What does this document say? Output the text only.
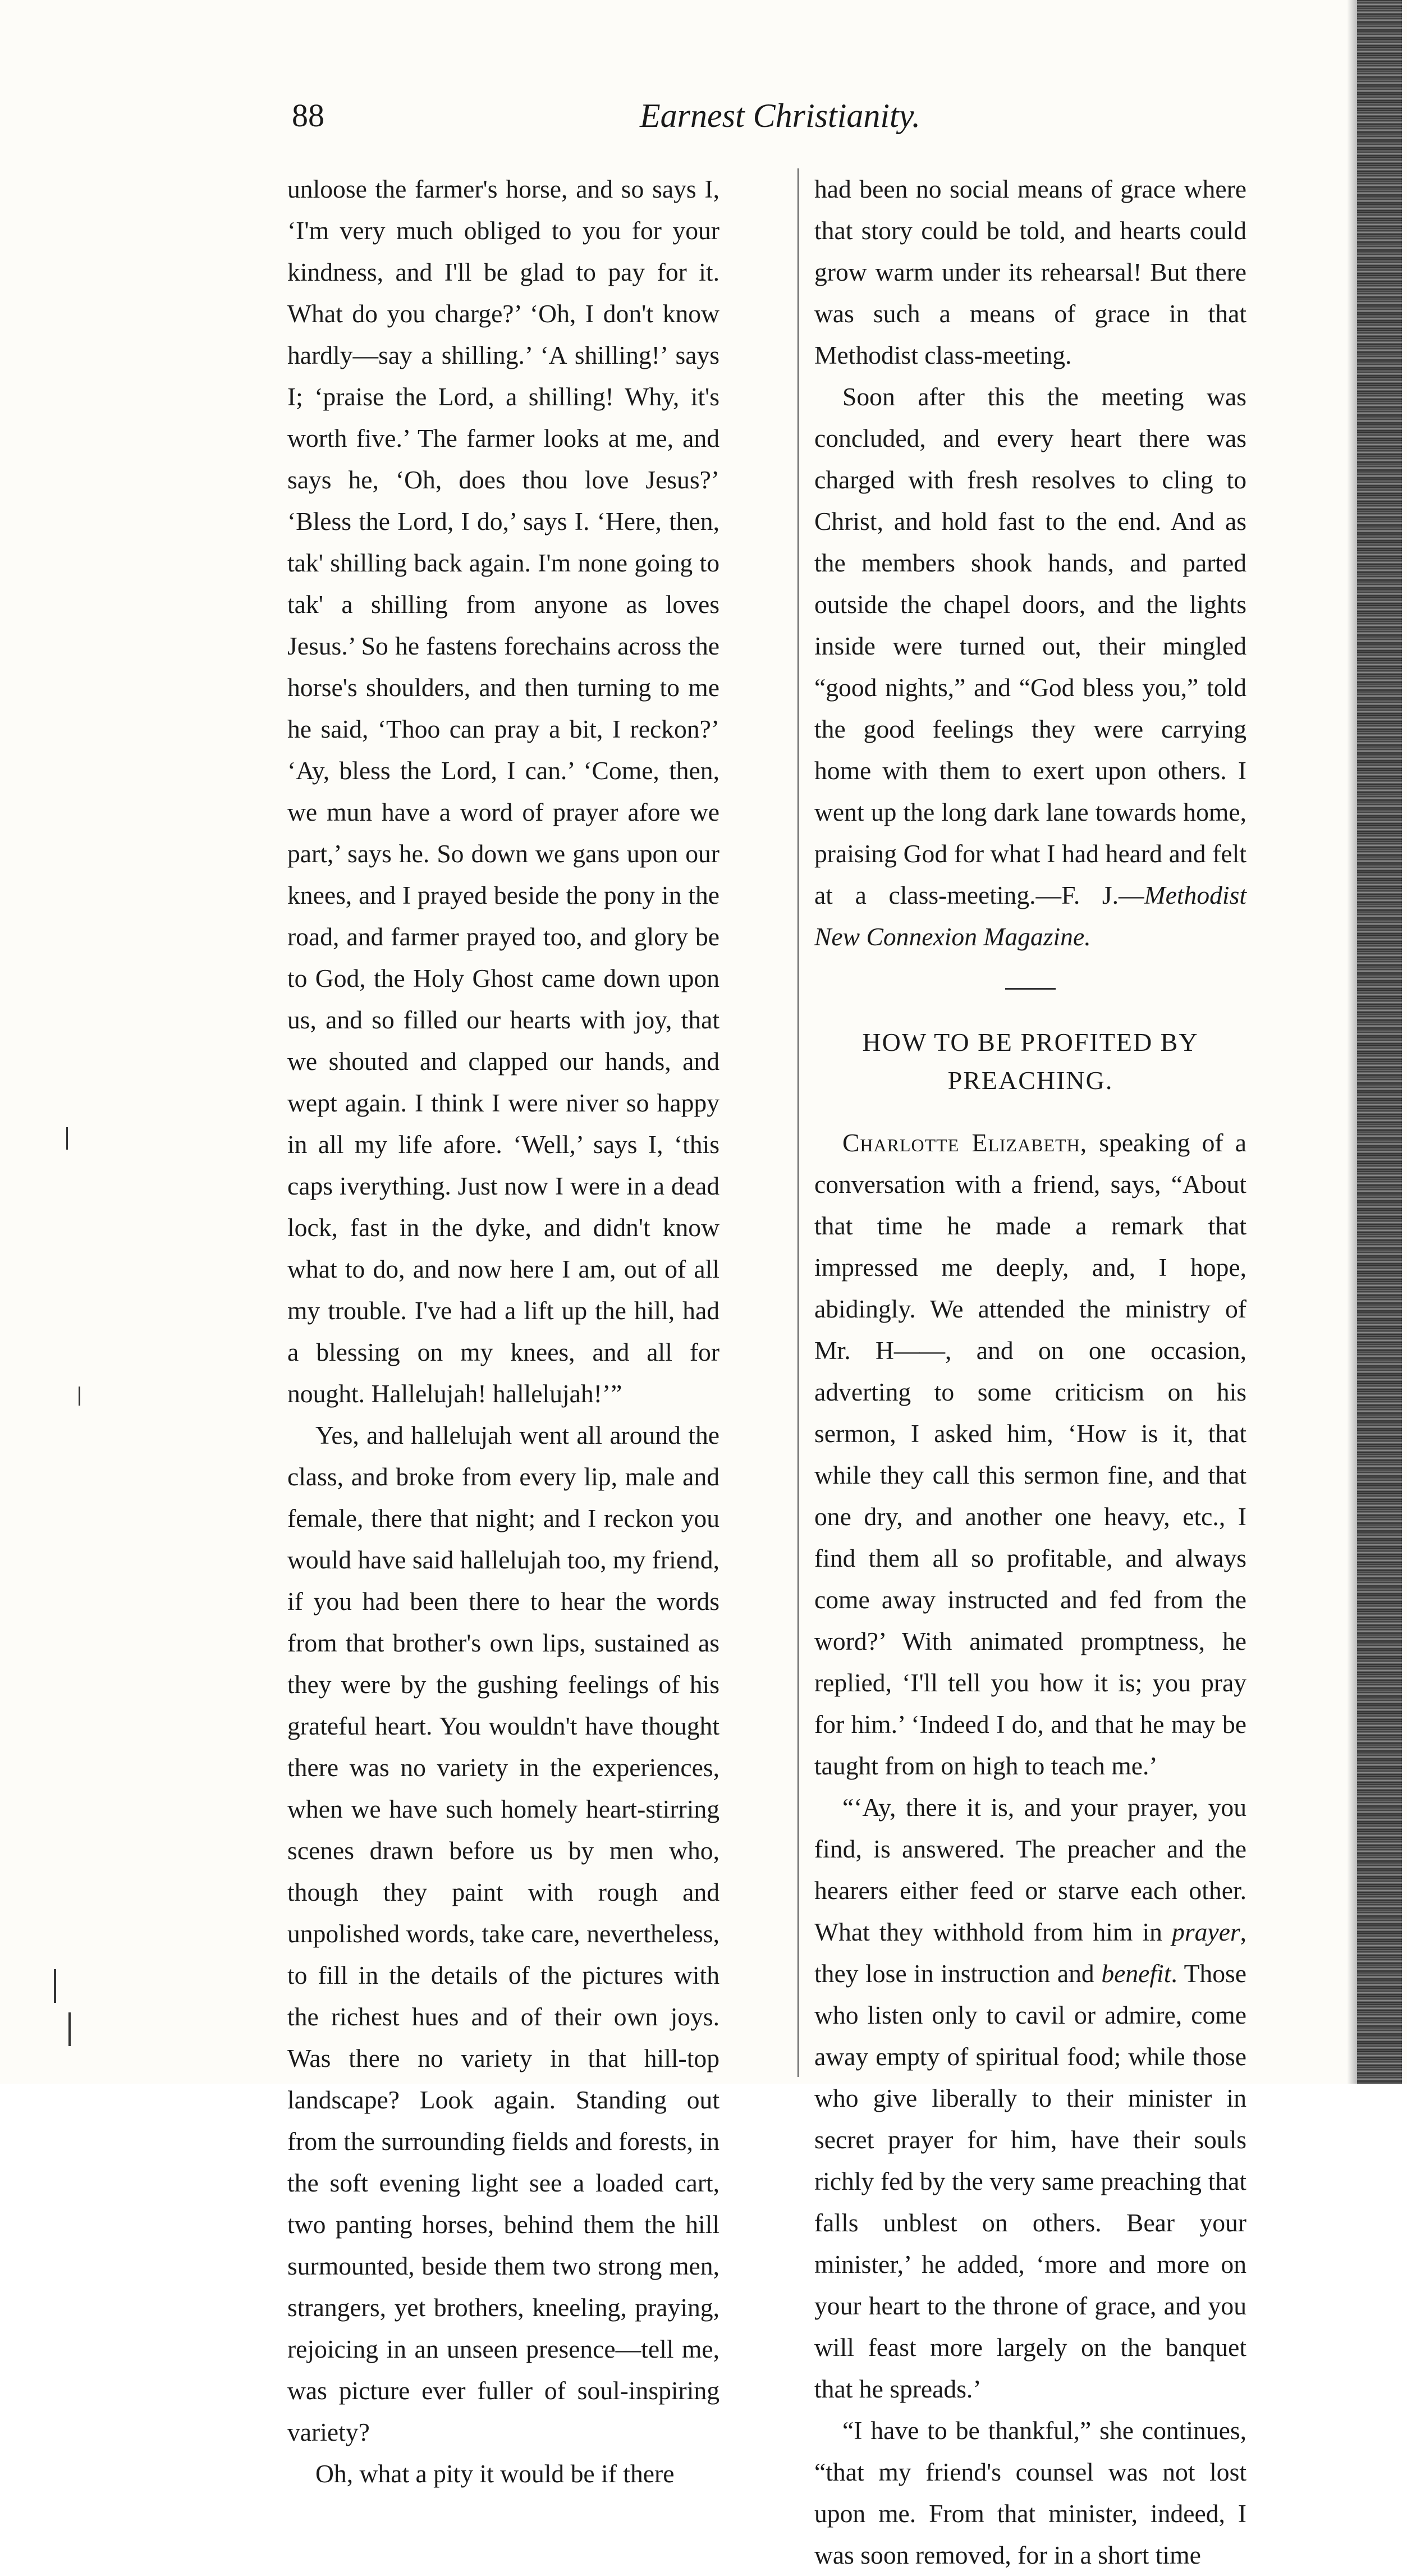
88	Earnest Christianity.

unloose the farmer's horse, and so says I, ‘I'm very much obliged to you for your kindness, and I'll be glad to pay for it. What do you charge?’ ‘Oh, I don't know hardly—say a shilling.’ ‘A shilling!’ says I; ‘praise the Lord, a shilling! Why, it's worth five.’ The farmer looks at me, and says he, ‘Oh, does thou love Jesus?’ ‘Bless the Lord, I do,’ says I. ‘Here, then, tak' shilling back again. I'm none going to tak' a shilling from anyone as loves Jesus.’ So he fastens forechains across the horse's shoulders, and then turning to me he said, ‘Thoo can pray a bit, I reckon?’ ‘Ay, bless the Lord, I can.’ ‘Come, then, we mun have a word of prayer afore we part,’ says he. So down we gans upon our knees, and I prayed beside the pony in the road, and farmer prayed too, and glory be to God, the Holy Ghost came down upon us, and so filled our hearts with joy, that we shouted and clapped our hands, and wept again. I think I were niver so happy in all my life afore. ‘Well,’ says I, ‘this caps iverything. Just now I were in a dead lock, fast in the dyke, and didn't know what to do, and now here I am, out of all my trouble. I've had a lift up the hill, had a blessing on my knees, and all for nought. Hallelujah! hallelujah!’”

Yes, and hallelujah went all around the class, and broke from every lip, male and female, there that night; and I reckon you would have said hallelujah too, my friend, if you had been there to hear the words from that brother's own lips, sustained as they were by the gushing feelings of his grateful heart. You wouldn't have thought there was no variety in the experiences, when we have such homely heart-stirring scenes drawn before us by men who, though they paint with rough and unpolished words, take care, nevertheless, to fill in the details of the pictures with the richest hues and of their own joys. Was there no variety in that hill-top landscape? Look again. Standing out from the surrounding fields and forests, in the soft evening light see a loaded cart, two panting horses, behind them the hill surmounted, beside them two strong men, strangers, yet brothers, kneeling, praying, rejoicing in an unseen presence—tell me, was picture ever fuller of soul-inspiring variety?

Oh, what a pity it would be if there

had been no social means of grace where that story could be told, and hearts could grow warm under its rehearsal! But there was such a means of grace in that Methodist class-meeting.

Soon after this the meeting was concluded, and every heart there was charged with fresh resolves to cling to Christ, and hold fast to the end. And as the members shook hands, and parted outside the chapel doors, and the lights inside were turned out, their mingled “good nights,” and “God bless you,” told the good feelings they were carrying home with them to exert upon others. I went up the long dark lane towards home, praising God for what I had heard and felt at a class-meeting.—F. J.—Methodist New Connexion Magazine.

HOW TO BE PROFITED BY PREACHING.

Charlotte Elizabeth, speaking of a conversation with a friend, says, “About that time he made a remark that impressed me deeply, and, I hope, abidingly. We attended the ministry of Mr. H——, and on one occasion, adverting to some criticism on his sermon, I asked him, ‘How is it, that while they call this sermon fine, and that one dry, and another one heavy, etc., I find them all so profitable, and always come away instructed and fed from the word?’ With animated promptness, he replied, ‘I'll tell you how it is; you pray for him.’ ‘Indeed I do, and that he may be taught from on high to teach me.’

“‘Ay, there it is, and your prayer, you find, is answered. The preacher and the hearers either feed or starve each other. What they withhold from him in prayer, they lose in instruction and benefit. Those who listen only to cavil or admire, come away empty of spiritual food; while those who give liberally to their minister in secret prayer for him, have their souls richly fed by the very same preaching that falls unblest on others. Bear your minister,’ he added, ‘more and more on your heart to the throne of grace, and you will feast more largely on the banquet that he spreads.’

“I have to be thankful,” she continues, “that my friend's counsel was not lost upon me. From that minister, indeed, I was soon removed, for in a short time
